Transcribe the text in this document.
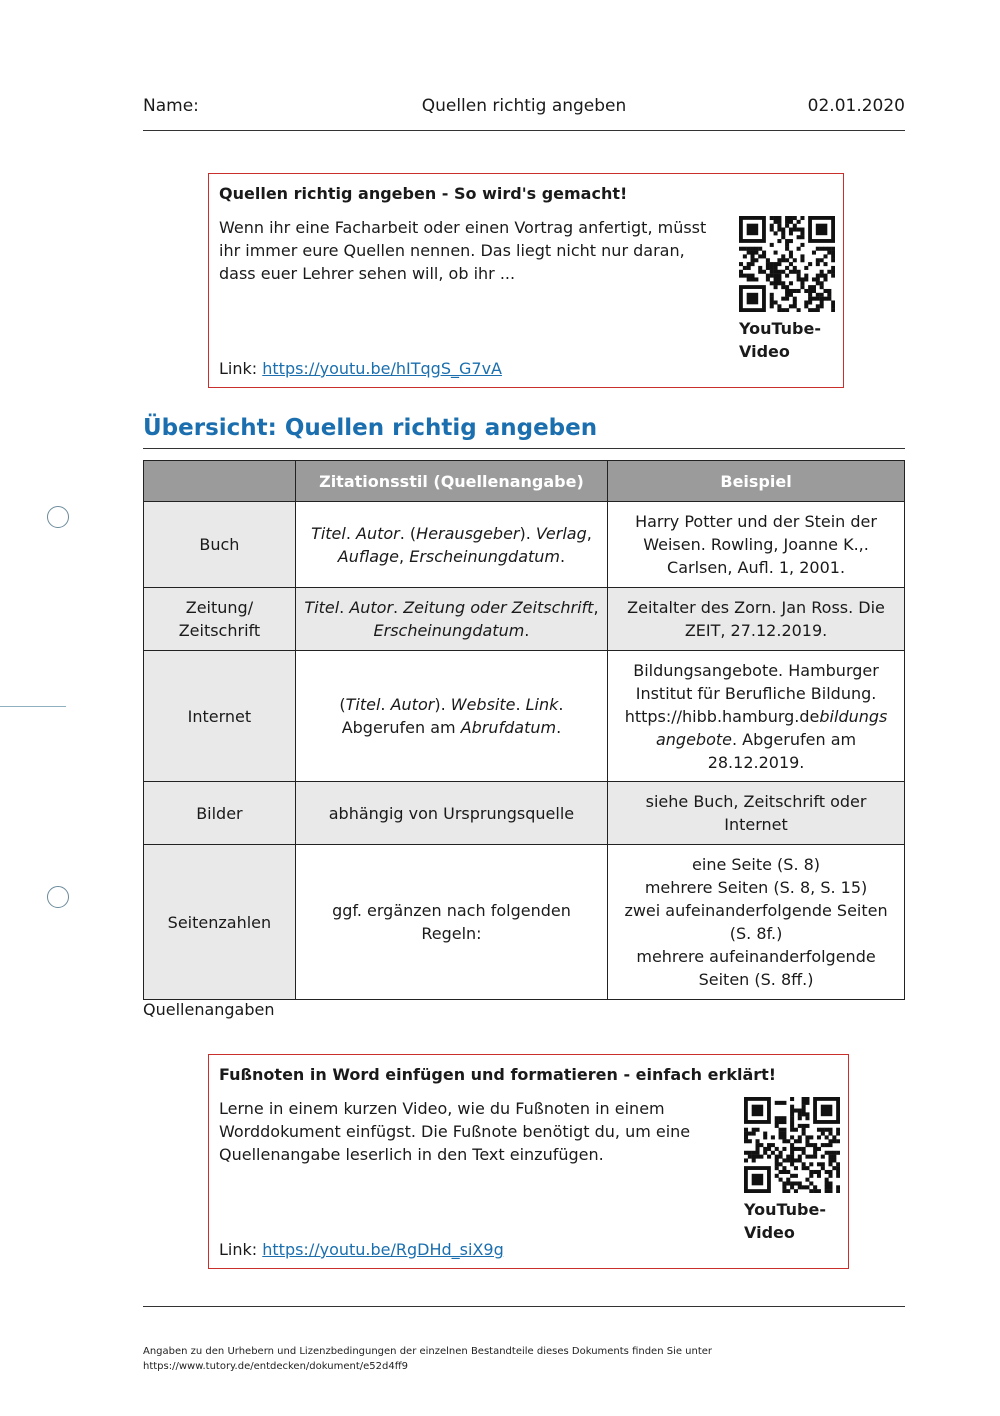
Name:	Quellen richtig angeben	02.01.2020
Quellen richtig angeben - So wird's gemacht!
Wenn ihr eine Facharbeit oder einen Vortrag anfertigt, müsst ihr immer eure Quellen nennen. Das liegt nicht nur daran, dass euer Lehrer sehen will, ob ihr ...
Link: https://youtu.be/hITqgS_G7vA
YouTube-
Video
Übersicht: Quellen richtig angeben
	Zitationsstil (Quellenangabe)	Beispiel
Buch	Titel. Autor. (Herausgeber). Verlag, Auflage, Erscheinungdatum.	Harry Potter und der Stein der Weisen. Rowling, Joanne K.,. Carlsen, Aufl. 1, 2001.
Zeitung/ Zeitschrift	Titel. Autor. Zeitung oder Zeitschrift, Erscheinungdatum.	Zeitalter des Zorn. Jan Ross. Die ZEIT, 27.12.2019.
Internet	(Titel. Autor). Website. Link. Abgerufen am Abrufdatum.	Bildungsangebote. Hamburger Institut für Berufliche Bildung. https://hibb.hamburg.debildungs angebote. Abgerufen am 28.12.2019.
Bilder	abhängig von Ursprungsquelle	siehe Buch, Zeitschrift oder Internet
Seitenzahlen	ggf. ergänzen nach folgenden Regeln:	eine Seite (S. 8)
mehrere Seiten (S. 8, S. 15)
zwei aufeinanderfolgende Seiten (S. 8f.)
mehrere aufeinanderfolgende Seiten (S. 8ff.)
Quellenangaben
Fußnoten in Word einfügen und formatieren - einfach erklärt!
Lerne in einem kurzen Video, wie du Fußnoten in einem Worddokument einfügst. Die Fußnote benötigt du, um eine Quellenangabe leserlich in den Text einzufügen.
Link: https://youtu.be/RgDHd_siX9g
YouTube-
Video
Angaben zu den Urhebern und Lizenzbedingungen der einzelnen Bestandteile dieses Dokuments finden Sie unter
https://www.tutory.de/entdecken/dokument/e52d4ff9
